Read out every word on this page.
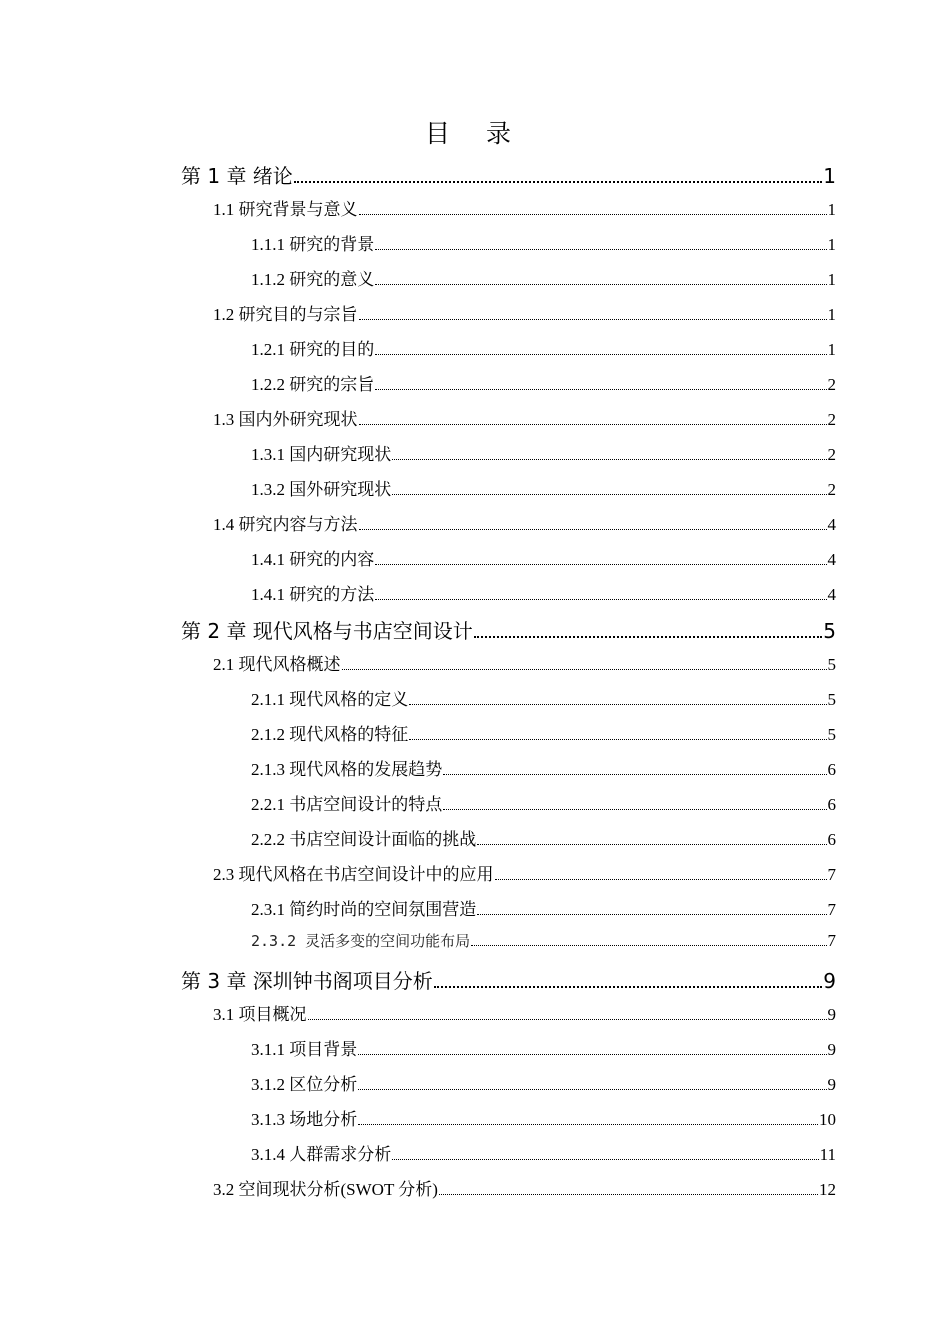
目 录
第 1 章 绪论	1
1.1 研究背景与意义	1
1.1.1 研究的背景	1
1.1.2 研究的意义	1
1.2 研究目的与宗旨	1
1.2.1 研究的目的	1
1.2.2 研究的宗旨	2
1.3 国内外研究现状	2
1.3.1 国内研究现状	2
1.3.2 国外研究现状	2
1.4 研究内容与方法	4
1.4.1 研究的内容	4
1.4.1 研究的方法	4
第 2 章 现代风格与书店空间设计	5
2.1 现代风格概述	5
2.1.1 现代风格的定义	5
2.1.2 现代风格的特征	5
2.1.3 现代风格的发展趋势	6
2.2.1 书店空间设计的特点	6
2.2.2 书店空间设计面临的挑战	6
2.3 现代风格在书店空间设计中的应用	7
2.3.1 简约时尚的空间氛围营造	7
2.3.2 灵活多变的空间功能布局	7
第 3 章 深圳钟书阁项目分析	9
3.1 项目概况	9
3.1.1 项目背景	9
3.1.2 区位分析	9
3.1.3 场地分析	10
3.1.4 人群需求分析	11
3.2 空间现状分析(SWOT 分析)	12
